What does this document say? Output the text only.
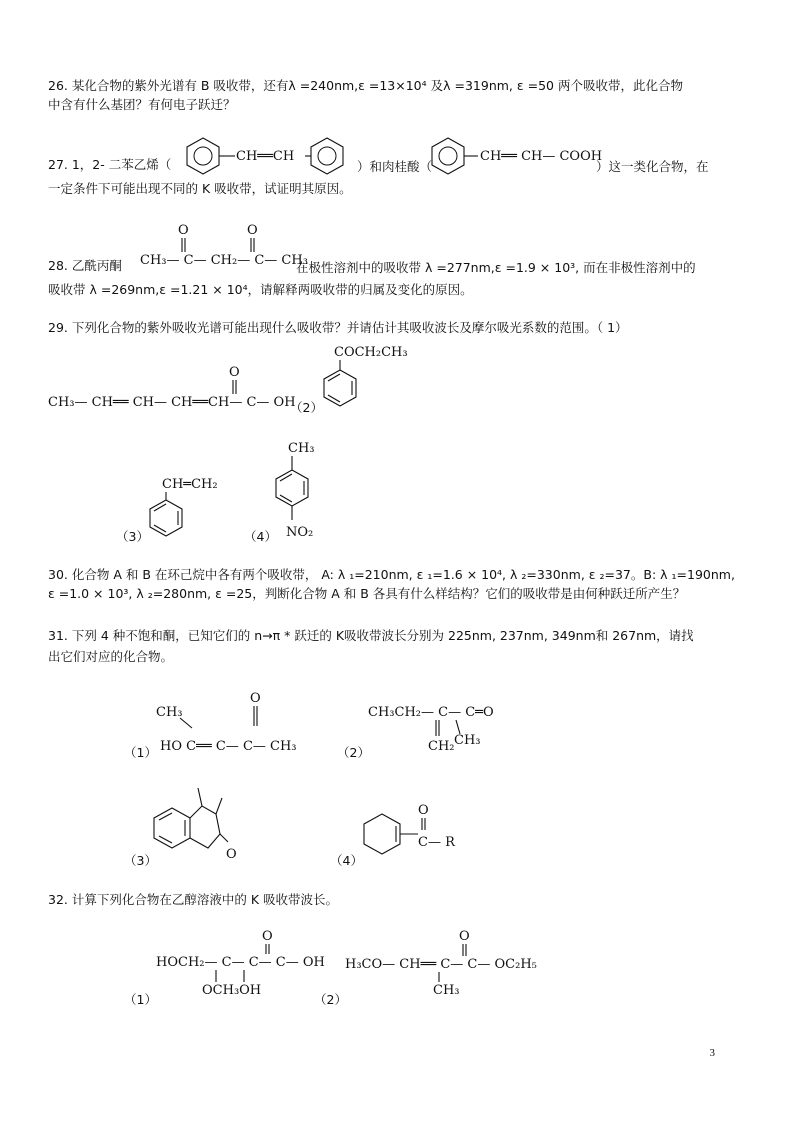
26. 某化合物的紫外光谱有 B 吸收带，还有λ =240nm,ε =13×10⁴ 及λ =319nm, ε =50 两个吸收带，此化合物
中含有什么基团？有何电子跃迁？
27. 1，2- 二苯乙烯（
CH══CH
）和肉桂酸（
CH══ CH— COOH
）这一类化合物，在
一定条件下可能出现不同的 K 吸收带，试证明其原因。
28. 乙酰丙酮 CH₃— C— CH₂— C— CH₃
O	O
在极性溶剂中的吸收带 λ =277nm,ε =1.9 × 10³, 而在非极性溶剂中的
吸收带 λ =269nm,ε =1.21 × 10⁴，请解释两吸收带的归属及变化的原因。
29. 下列化合物的紫外吸收光谱可能出现什么吸收带？并请估计其吸收波长及摩尔吸光系数的范围。（ 1）
CH₃— CH══ CH— CH══CH— C— OH
O
（2）
COCH₂CH₃
（3）
CH═CH₂
（4）
CH₃
NO₂
30. 化合物 A 和 B 在环己烷中各有两个吸收带， A: λ ₁=210nm, ε ₁=1.6 × 10⁴, λ ₂=330nm, ε ₂=37。B: λ ₁=190nm,
ε =1.0 × 10³, λ ₂=280nm, ε =25，判断化合物 A 和 B 各具有什么样结构？它们的吸收带是由何种跃迁所产生？
31. 下列 4 种不饱和酮，已知它们的 n→π * 跃迁的 K吸收带波长分别为 225nm, 237nm, 349nm和 267nm，请找
出它们对应的化合物。
（1）
CH₃
HO C══ C— C— CH₃
O
（2）
CH₃CH₂— C— C═O
CH₂ CH₃
（3）	O	（4）
O
C— R
32. 计算下列化合物在乙醇溶液中的 K 吸收带波长。
（1）
HOCH₂— C— C— C— OH
O
OCH₃OH
（2）
H₃CO— CH══ C— C— OC₂H₅
O
CH₃
3
